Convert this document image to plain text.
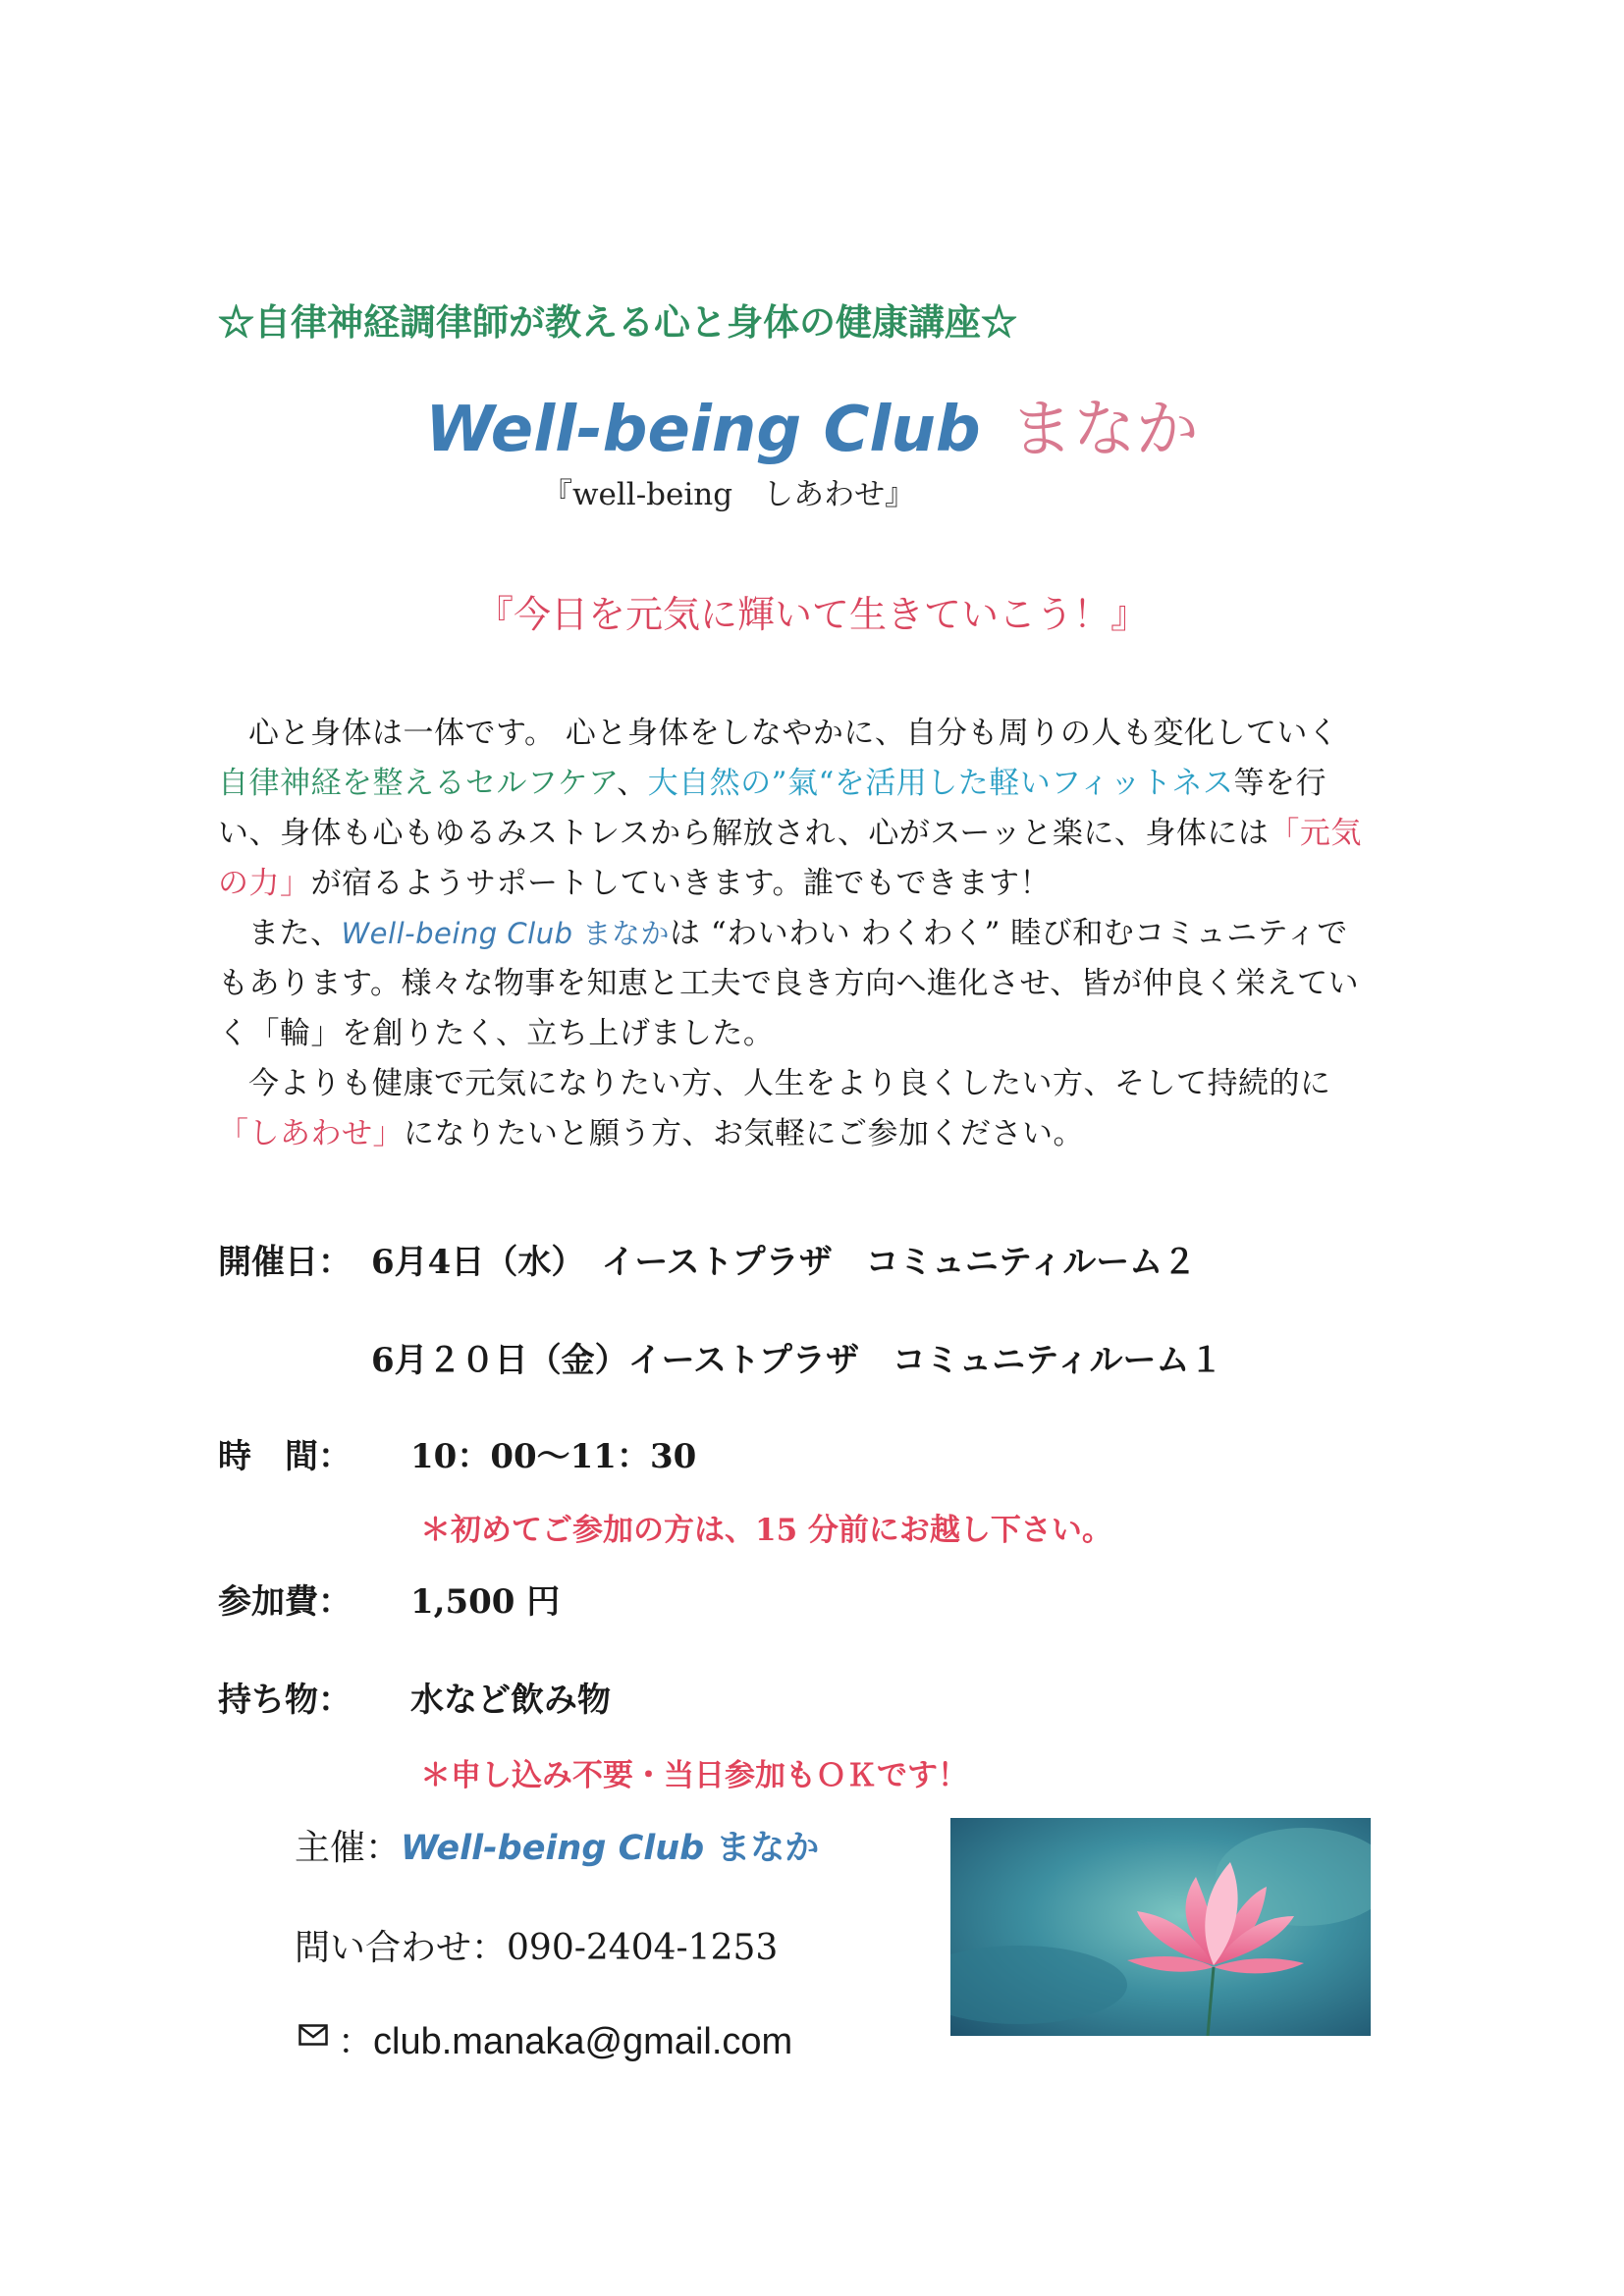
☆自律神経調律師が教える心と身体の健康講座☆
Well-being Club まなか
『well-being　しあわせ』
『今日を元気に輝いて生きていこう！』

心と身体は一体です。 心と身体をしなやかに、自分も周りの人も変化していく自律神経を整えるセルフケア、大自然の”氣“を活用した軽いフィットネス等を行い、身体も心もゆるみストレスから解放され、心がスーッと楽に、身体には「元気の力」が宿るようサポートしていきます。誰でもできます！

また、Well-being Club まなかは “わいわい わくわく” 睦び和むコミュニティでもあります。様々な物事を知恵と工夫で良き方向へ進化させ、皆が仲良く栄えていく「輪」を創りたく、立ち上げました。

今よりも健康で元気になりたい方、人生をより良くしたい方、そして持続的に「しあわせ」になりたいと願う方、お気軽にご参加ください。

開催日： 6月4日（水）　イーストプラザ　コミュニティルーム２
6月２０日（金）イーストプラザ　コミュニティルーム１
時　間： 10：00～11：30
＊初めてご参加の方は、15 分前にお越し下さい。
参加費： 1,500 円
持ち物： 水など飲み物
＊申し込み不要・当日参加もＯＫです！
主催：Well-being Club まなか
問い合わせ：090-2404-1253
：club.manaka@gmail.com
